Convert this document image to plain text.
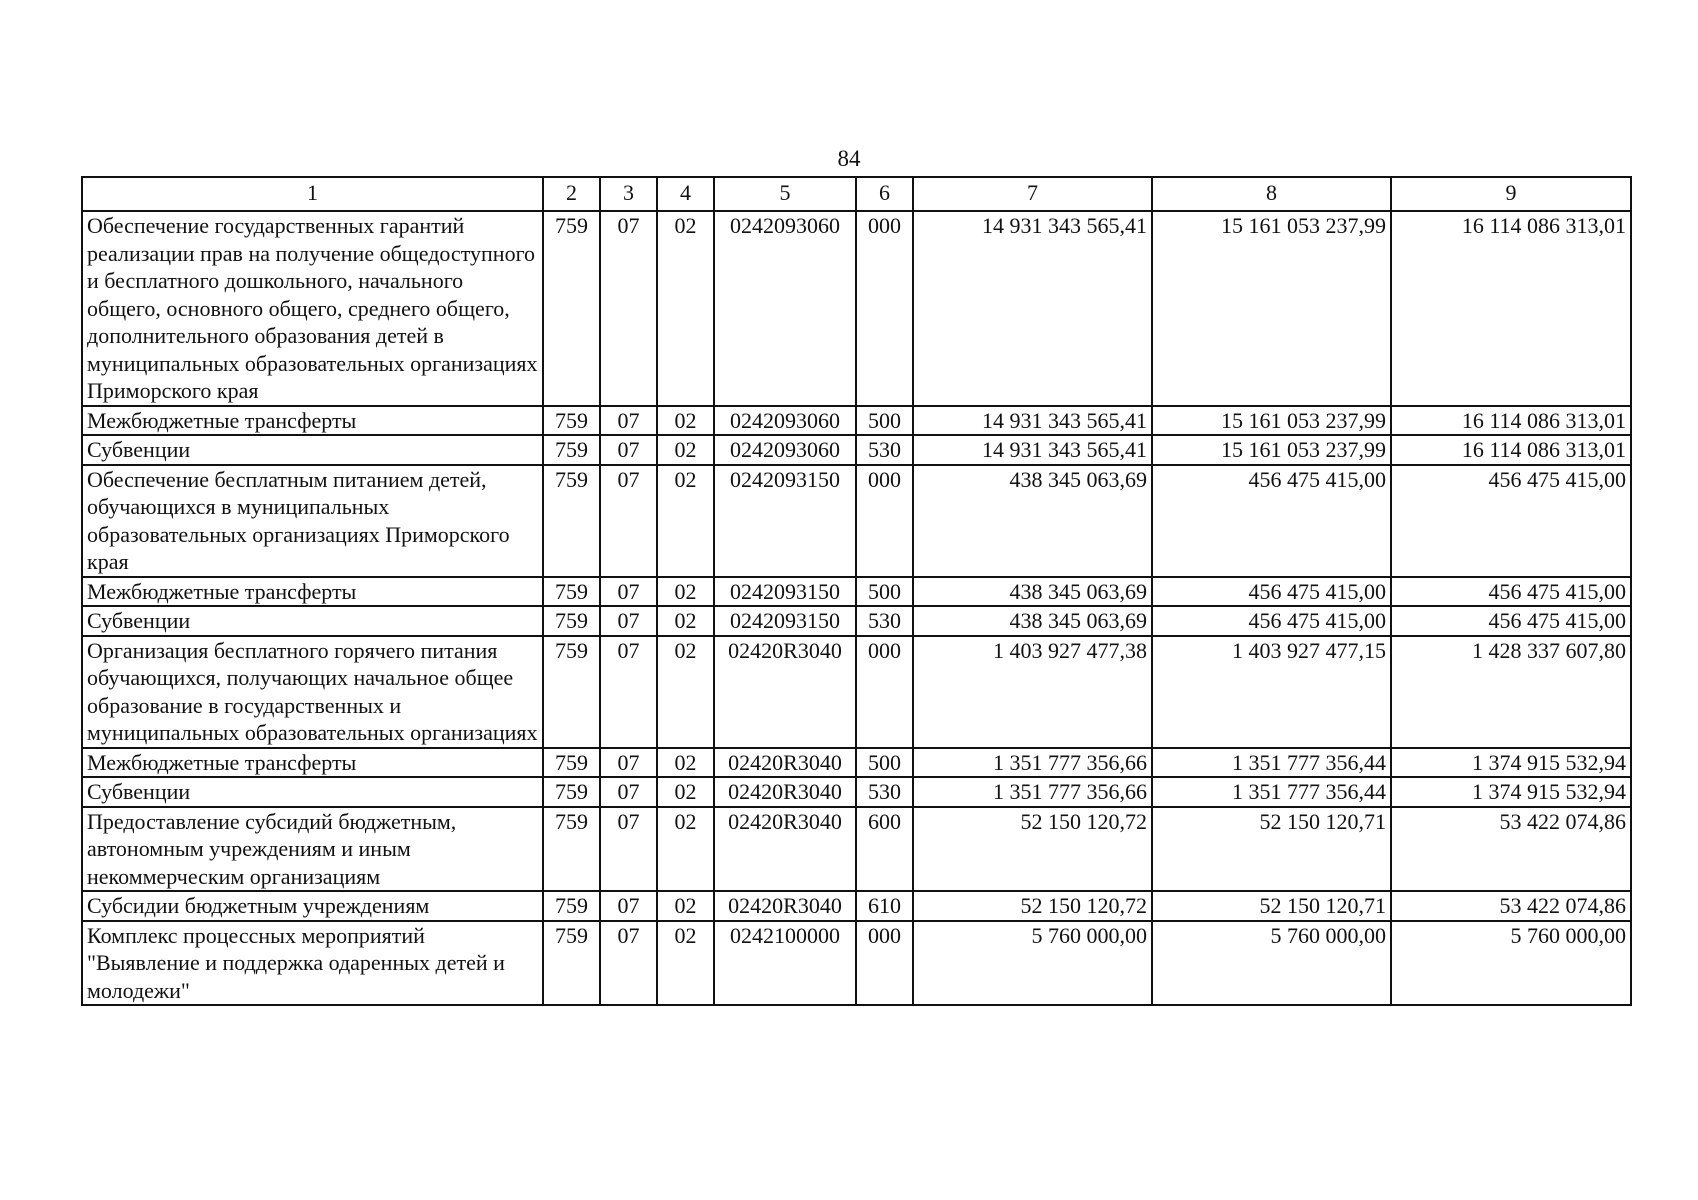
84
1	2	3	4	5	6	7	8	9
Обеспечение государственных гарантий реализации прав на получение общедоступного и бесплатного дошкольного, начального общего, основного общего, среднего общего, дополнительного образования детей в муниципальных образовательных организациях Приморского края	759	07	02	0242093060	000	14 931 343 565,41	15 161 053 237,99	16 114 086 313,01
Межбюджетные трансферты	759	07	02	0242093060	500	14 931 343 565,41	15 161 053 237,99	16 114 086 313,01
Субвенции	759	07	02	0242093060	530	14 931 343 565,41	15 161 053 237,99	16 114 086 313,01
Обеспечение бесплатным питанием детей, обучающихся в муниципальных образовательных организациях Приморского края	759	07	02	0242093150	000	438 345 063,69	456 475 415,00	456 475 415,00
Межбюджетные трансферты	759	07	02	0242093150	500	438 345 063,69	456 475 415,00	456 475 415,00
Субвенции	759	07	02	0242093150	530	438 345 063,69	456 475 415,00	456 475 415,00
Организация бесплатного горячего питания обучающихся, получающих начальное общее образование в государственных и муниципальных образовательных организациях	759	07	02	02420R3040	000	1 403 927 477,38	1 403 927 477,15	1 428 337 607,80
Межбюджетные трансферты	759	07	02	02420R3040	500	1 351 777 356,66	1 351 777 356,44	1 374 915 532,94
Субвенции	759	07	02	02420R3040	530	1 351 777 356,66	1 351 777 356,44	1 374 915 532,94
Предоставление субсидий бюджетным, автономным учреждениям и иным некоммерческим организациям	759	07	02	02420R3040	600	52 150 120,72	52 150 120,71	53 422 074,86
Субсидии бюджетным учреждениям	759	07	02	02420R3040	610	52 150 120,72	52 150 120,71	53 422 074,86
Комплекс процессных мероприятий "Выявление и поддержка одаренных детей и молодежи"	759	07	02	0242100000	000	5 760 000,00	5 760 000,00	5 760 000,00
